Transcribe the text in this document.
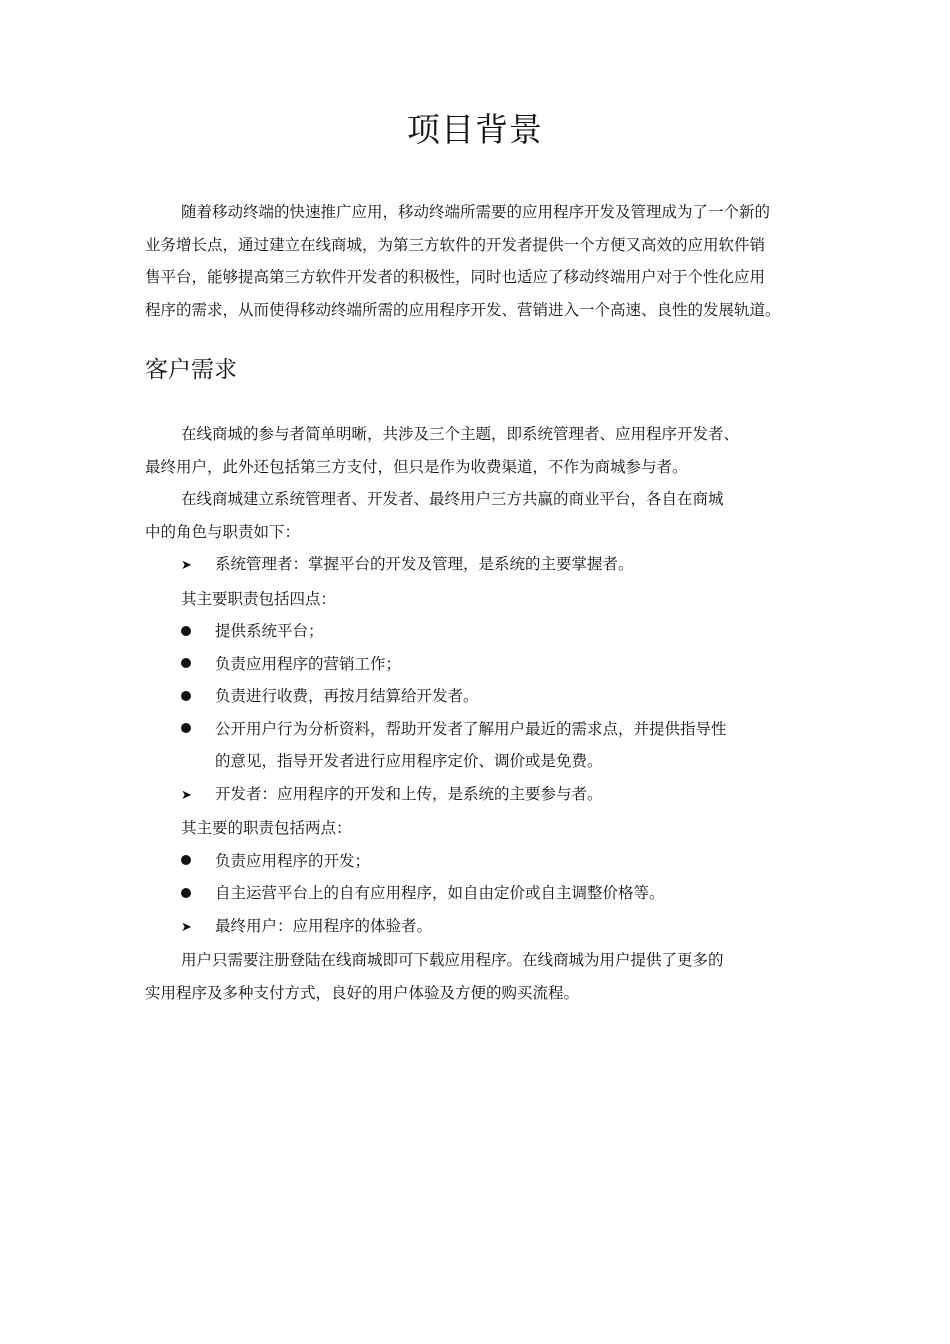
项目背景
随着移动终端的快速推广应用，移动终端所需要的应用程序开发及管理成为了一个新的
业务增长点，通过建立在线商城，为第三方软件的开发者提供一个方便又高效的应用软件销
售平台，能够提高第三方软件开发者的积极性，同时也适应了移动终端用户对于个性化应用
程序的需求，从而使得移动终端所需的应用程序开发、营销进入一个高速、良性的发展轨道。
客户需求
在线商城的参与者简单明晰，共涉及三个主题，即系统管理者、应用程序开发者、
最终用户，此外还包括第三方支付，但只是作为收费渠道，不作为商城参与者。
在线商城建立系统管理者、开发者、最终用户三方共赢的商业平台，各自在商城
中的角色与职责如下：
➤	系统管理者：掌握平台的开发及管理，是系统的主要掌握者。
其主要职责包括四点：
提供系统平台；
负责应用程序的营销工作；
负责进行收费，再按月结算给开发者。
公开用户行为分析资料，帮助开发者了解用户最近的需求点，并提供指导性
的意见，指导开发者进行应用程序定价、调价或是免费。
➤	开发者：应用程序的开发和上传，是系统的主要参与者。
其主要的职责包括两点：
负责应用程序的开发；
自主运营平台上的自有应用程序，如自由定价或自主调整价格等。
➤	最终用户：应用程序的体验者。
用户只需要注册登陆在线商城即可下载应用程序。在线商城为用户提供了更多的
实用程序及多种支付方式，良好的用户体验及方便的购买流程。
